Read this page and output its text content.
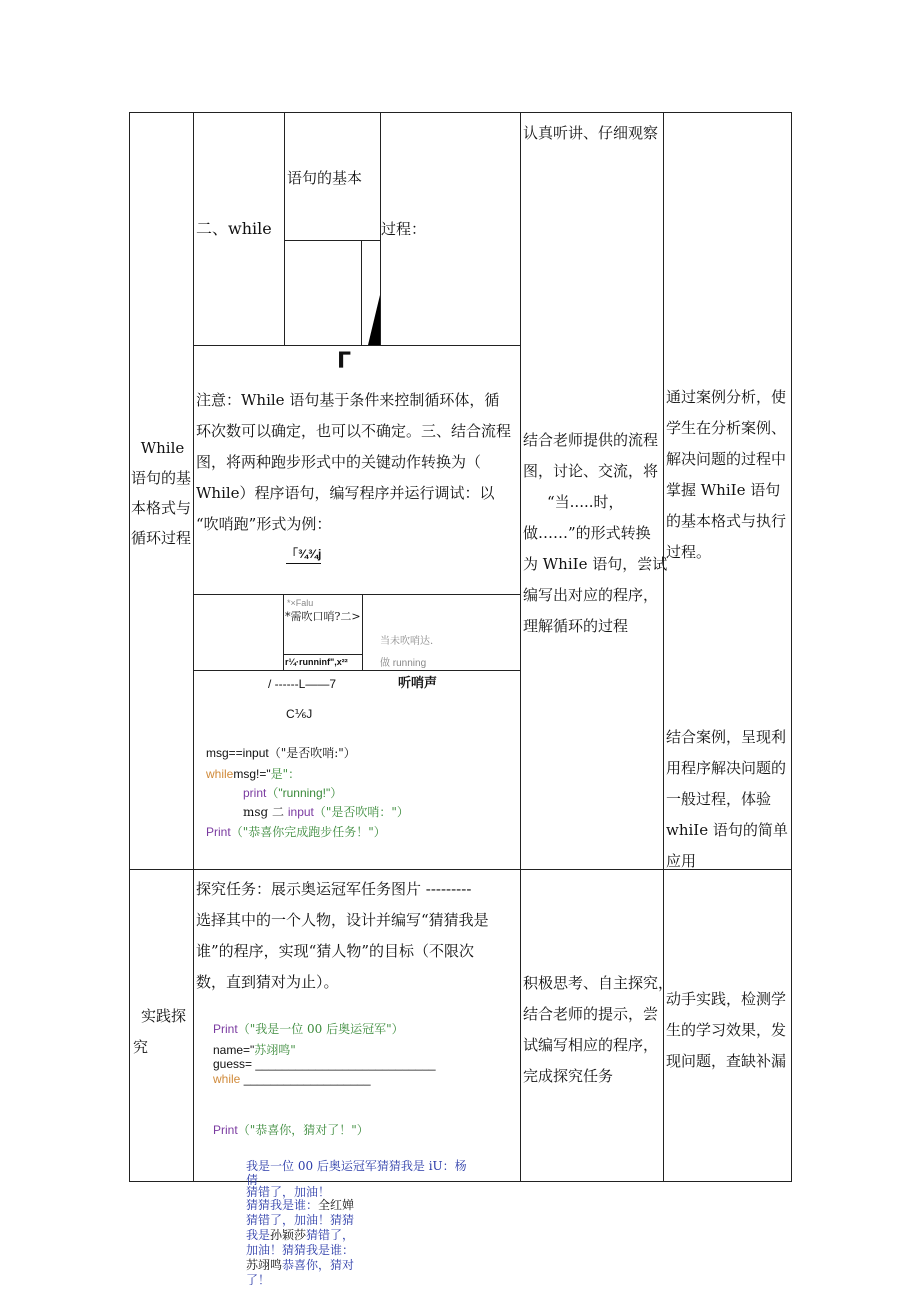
While
语句的基
本格式与
循环过程
二、while
语句的基本
过程：
Γ
注意：While 语句基于条件来控制循环体，循
环次数可以确定，也可以不确定。三、结合流程
图，将两种跑步形式中的关键动作转换为（
While）程序语句，编写程序并运行调试：以
“吹哨跑”形式为例：
「¾¾j
*×Falu
*需吹口哨?二>
r¼·runninf",x²²
当未吹哨达.
做 running
/ ------L——7	听哨声
C⅙J
msg==input（"是否吹哨:"）
whilemsg!="是"：
print（"running!"）
msg 二 input（"是否吹哨："）
Print（"恭喜你完成跑步任务！"）
认真听讲、仔细观察
结合老师提供的流程
图，讨论、交流，将
“当.....时，
做……”的形式转换
为 WhiIe 语句，尝试
编写出对应的程序，
理解循环的过程
通过案例分析，使
学生在分析案例、
解决问题的过程中
掌握 WhiIe 语句
的基本格式与执行
过程。
结合案例，呈现利
用程序解决问题的
一般过程，体验
whiIe 语句的简单
应用
实践探
究
探究任务：展示奥运冠军任务图片 ---------
选择其中的一个人物，设计并编写“猜猜我是
谁”的程序，实现“猜人物”的目标（不限次
数，直到猜对为止）。
Print（"我是一位 00 后奥运冠军"）
name="苏翊鸣"
guess= ___________________________
while ___________________
Print（"恭喜你，猜对了！"）
我是一位 00 后奥运冠军猜猜我是 iU：杨
倩
猜错了，加油！
猜猜我是谁：全红婵
猜错了，加油！猜猜
我是孙颖莎猜错了，
加油！猜猜我是谁：
苏翊鸣恭喜你，猜对
了！
积极思考、自主探究，
结合老师的提示，尝
试编写相应的程序，
完成探究任务
动手实践，检测学
生的学习效果，发
现问题，查缺补漏
